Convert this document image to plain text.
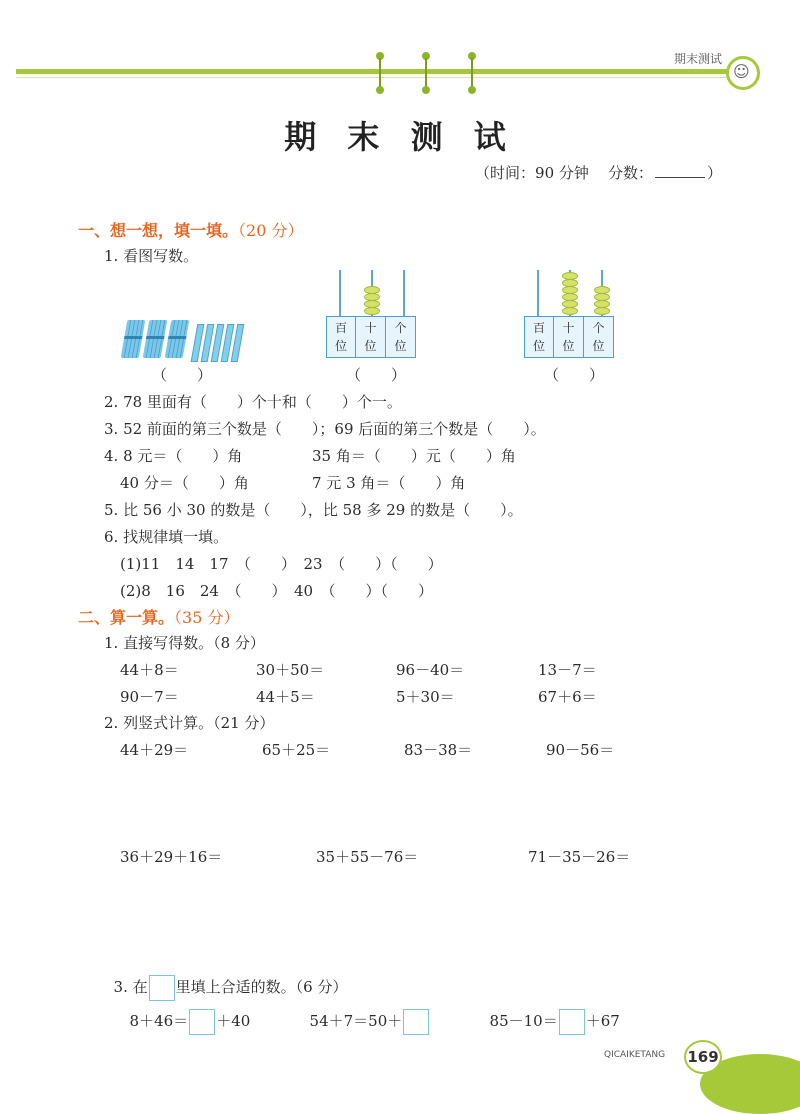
期末测试
☺
期 末 测 试
（时间：90 分钟 分数：	）
一、想一想，填一填。（20 分）
1. 看图写数。
（　　）
百
位
十
位
个
位
（　　）
百
位
十
位
个
位
（　　）
2. 78 里面有（　　）个十和（　　）个一。
3. 52 前面的第三个数是（　　）；69 后面的第三个数是（　　）。
4. 8 元＝（　　）角	35 角＝（　　）元（　　）角
40 分＝（　　）角	7 元 3 角＝（　　）角
5. 比 56 小 30 的数是（　　），比 58 多 29 的数是（　　）。
6. 找规律填一填。
(1)11　14　17　（　　）　23　（　　）（　　）
(2)8　16　24　（　　）　40　（　　）（　　）
二、算一算。（35 分）
1. 直接写得数。（8 分）
44＋8＝	30＋50＝	96－40＝	13－7＝
90－7＝	44＋5＝	5＋30＝	67＋6＝
2. 列竖式计算。（21 分）
44＋29＝	65＋25＝	83－38＝	90－56＝
36＋29＋16＝	35＋55－76＝	71－35－26＝

3. 在 里填上合适的数。（6 分）

8＋46＝ ＋40	54＋7＝50＋	85－10＝ ＋67

QICAIKETANG 169
